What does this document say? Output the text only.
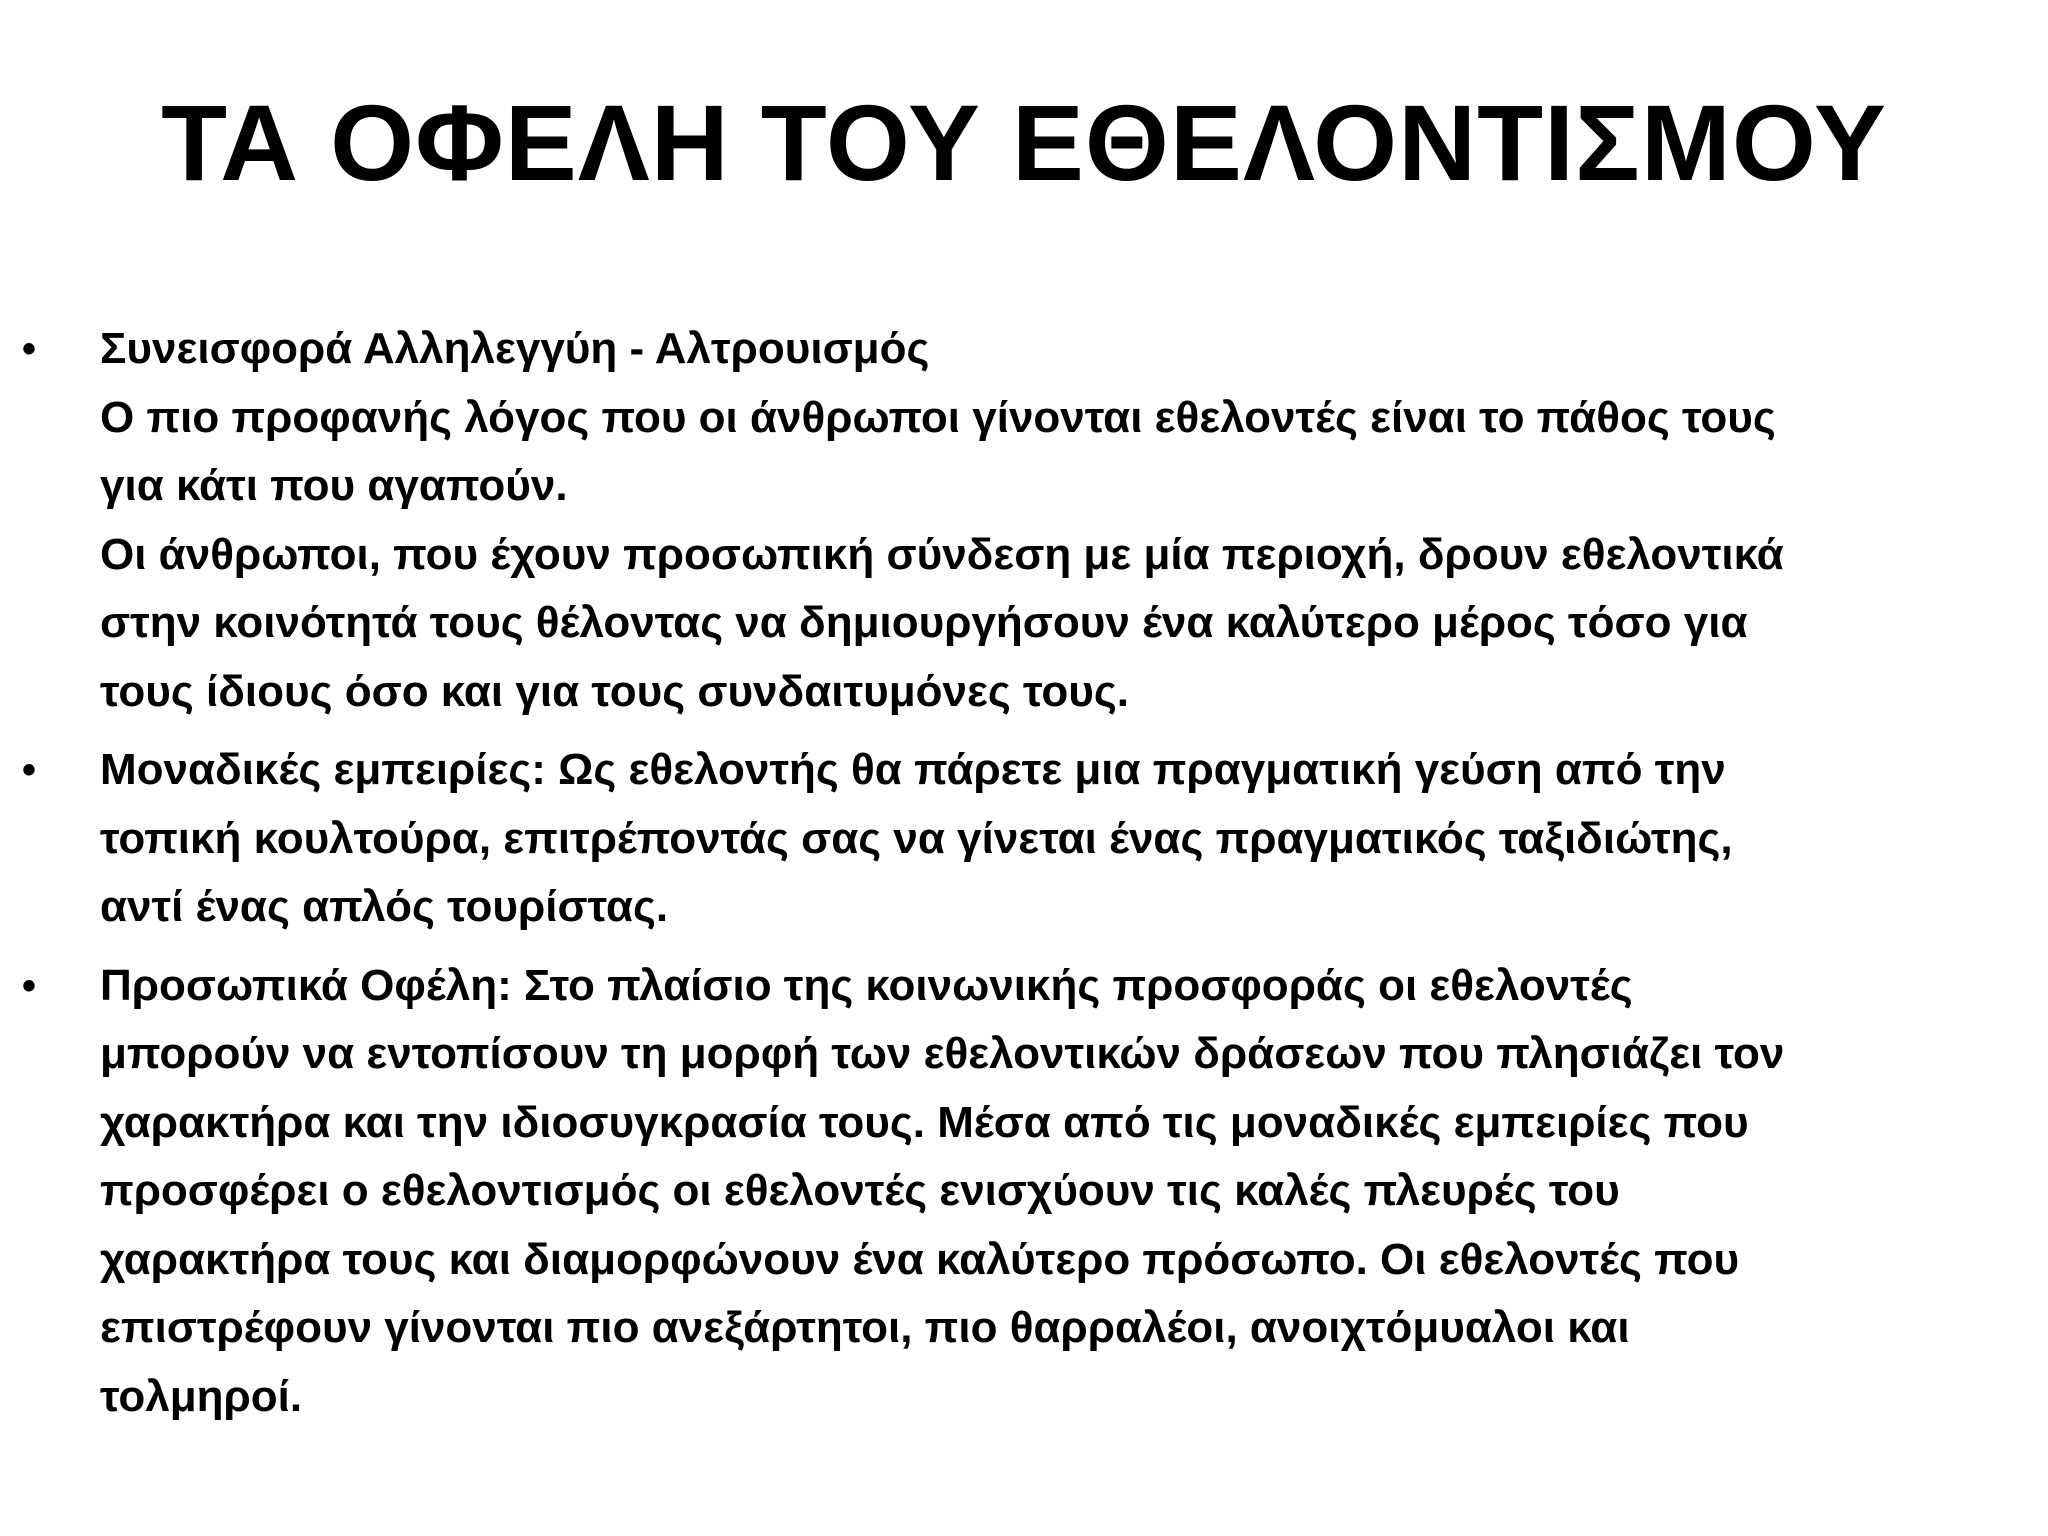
ΤΑ ΟΦΕΛΗ ΤΟΥ ΕΘΕΛΟΝΤΙΣΜΟΥ
• Συνεισφορά Αλληλεγγύη - Αλτρουισμός
Ο πιο προφανής λόγος που οι άνθρωποι γίνονται εθελοντές είναι το πάθος τους
για κάτι που αγαπούν.
Οι άνθρωποι, που έχουν προσωπική σύνδεση με μία περιοχή, δρουν εθελοντικά
στην κοινότητά τους θέλοντας να δημιουργήσουν ένα καλύτερο μέρος τόσο για
τους ίδιους όσο και για τους συνδαιτυμόνες τους.
• Μοναδικές εμπειρίες: Ως εθελοντής θα πάρετε μια πραγματική γεύση από την
τοπική κουλτούρα, επιτρέποντάς σας να γίνεται ένας πραγματικός ταξιδιώτης,
αντί ένας απλός τουρίστας.
• Προσωπικά Οφέλη: Στο πλαίσιο της κοινωνικής προσφοράς οι εθελοντές
μπορούν να εντοπίσουν τη μορφή των εθελοντικών δράσεων που πλησιάζει τον
χαρακτήρα και την ιδιοσυγκρασία τους. Μέσα από τις μοναδικές εμπειρίες που
προσφέρει ο εθελοντισμός οι εθελοντές ενισχύουν τις καλές πλευρές του
χαρακτήρα τους και διαμορφώνουν ένα καλύτερο πρόσωπο. Οι εθελοντές που
επιστρέφουν γίνονται πιο ανεξάρτητοι, πιο θαρραλέοι, ανοιχτόμυαλοι και
τολμηροί.
